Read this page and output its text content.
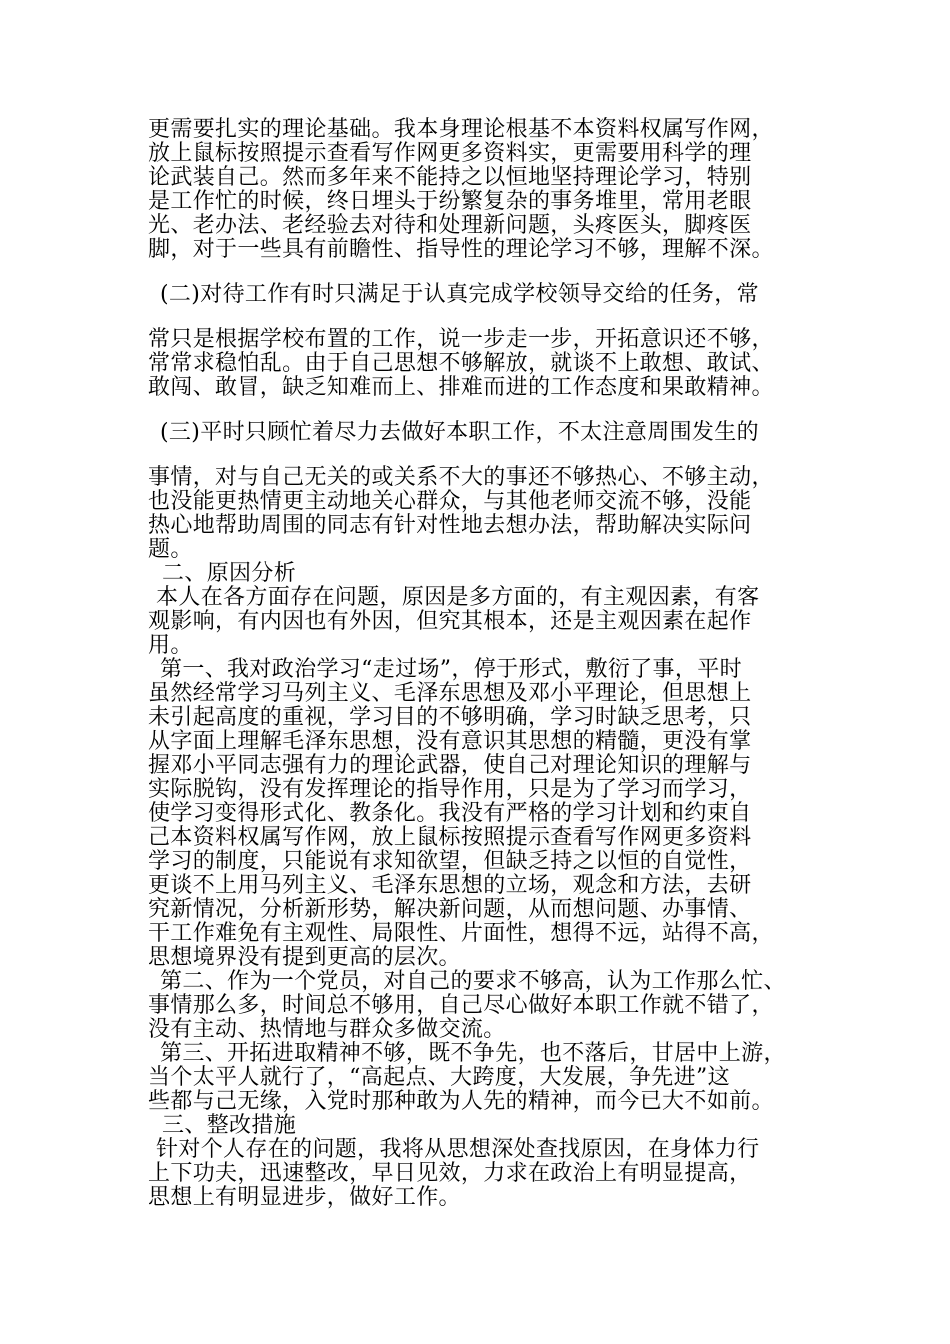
更需要扎实的理论基础。我本身理论根基不本资料权属写作网，
放上鼠标按照提示查看写作网更多资料实，更需要用科学的理
论武装自己。然而多年来不能持之以恒地坚持理论学习，特别
是工作忙的时候，终日埋头于纷繁复杂的事务堆里，常用老眼
光、老办法、老经验去对待和处理新问题，头疼医头，脚疼医
脚，对于一些具有前瞻性、指导性的理论学习不够，理解不深。
(二)对待工作有时只满足于认真完成学校领导交给的任务，常
常只是根据学校布置的工作，说一步走一步，开拓意识还不够，
常常求稳怕乱。由于自己思想不够解放，就谈不上敢想、敢试、
敢闯、敢冒，缺乏知难而上、排难而进的工作态度和果敢精神。
(三)平时只顾忙着尽力去做好本职工作，不太注意周围发生的
事情，对与自己无关的或关系不大的事还不够热心、不够主动，
也没能更热情更主动地关心群众，与其他老师交流不够，没能
热心地帮助周围的同志有针对性地去想办法，帮助解决实际问
题。
二、原因分析
本人在各方面存在问题，原因是多方面的，有主观因素，有客
观影响，有内因也有外因，但究其根本，还是主观因素在起作
用。
第一、我对政治学习“走过场”，停于形式，敷衍了事，平时
虽然经常学习马列主义、毛泽东思想及邓小平理论，但思想上
未引起高度的重视，学习目的不够明确，学习时缺乏思考，只
从字面上理解毛泽东思想，没有意识其思想的精髓，更没有掌
握邓小平同志强有力的理论武器，使自己对理论知识的理解与
实际脱钩，没有发挥理论的指导作用，只是为了学习而学习，
使学习变得形式化、教条化。我没有严格的学习计划和约束自
己本资料权属写作网，放上鼠标按照提示查看写作网更多资料
学习的制度，只能说有求知欲望，但缺乏持之以恒的自觉性，
更谈不上用马列主义、毛泽东思想的立场，观念和方法，去研
究新情况，分析新形势，解决新问题，从而想问题、办事情、
干工作难免有主观性、局限性、片面性，想得不远，站得不高，
思想境界没有提到更高的层次。
第二、作为一个党员，对自己的要求不够高，认为工作那么忙、
事情那么多，时间总不够用，自己尽心做好本职工作就不错了，
没有主动、热情地与群众多做交流。
第三、开拓进取精神不够，既不争先，也不落后，甘居中上游，
当个太平人就行了，“高起点、大跨度，大发展，争先进”这
些都与己无缘，入党时那种敢为人先的精神，而今已大不如前。
三、整改措施
针对个人存在的问题，我将从思想深处查找原因，在身体力行
上下功夫，迅速整改，早日见效，力求在政治上有明显提高，
思想上有明显进步，做好工作。
